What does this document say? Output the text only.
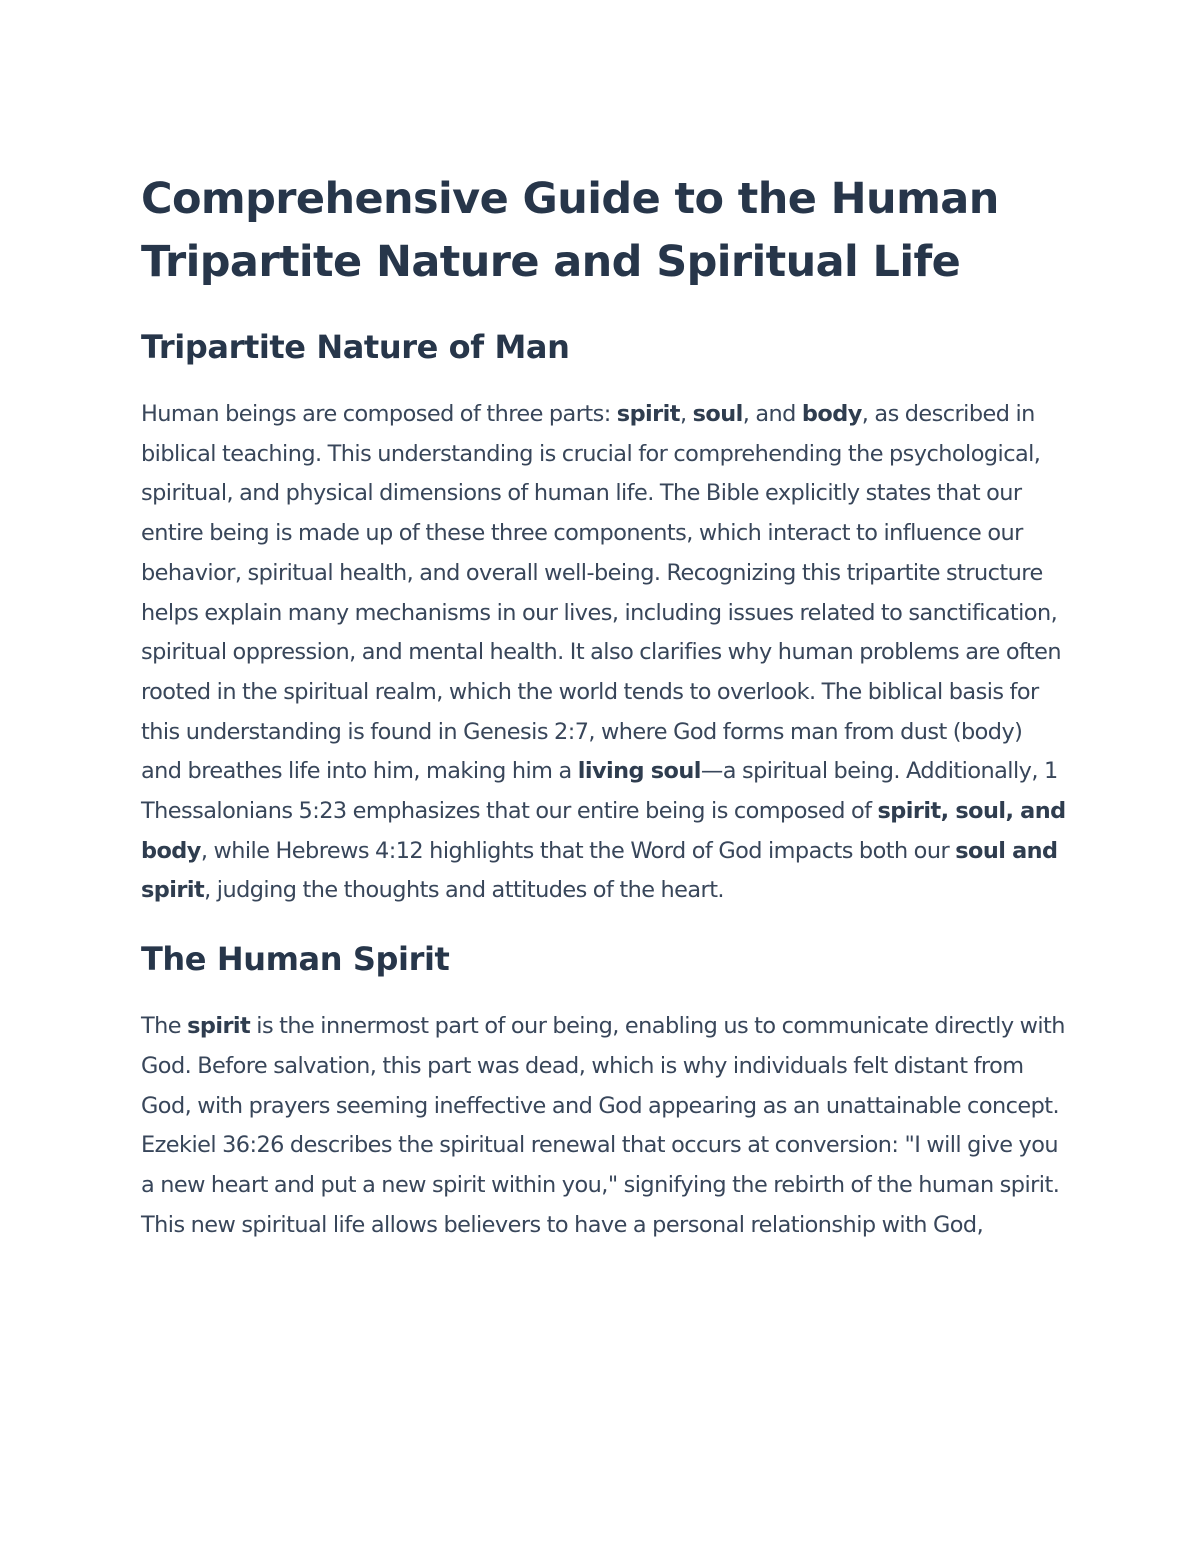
Comprehensive Guide to the Human Tripartite Nature and Spiritual Life
Tripartite Nature of Man

Human beings are composed of three parts: spirit, soul, and body, as described in biblical teaching. This understanding is crucial for comprehending the psychological, spiritual, and physical dimensions of human life. The Bible explicitly states that our entire being is made up of these three components, which interact to influence our behavior, spiritual health, and overall well-being. Recognizing this tripartite structure helps explain many mechanisms in our lives, including issues related to sanctification, spiritual oppression, and mental health. It also clarifies why human problems are often rooted in the spiritual realm, which the world tends to overlook. The biblical basis for this understanding is found in Genesis 2:7, where God forms man from dust (body) and breathes life into him, making him a living soul—a spiritual being. Additionally, 1 Thessalonians 5:23 emphasizes that our entire being is composed of spirit, soul, and body, while Hebrews 4:12 highlights that the Word of God impacts both our soul and spirit, judging the thoughts and attitudes of the heart.

The Human Spirit

The spirit is the innermost part of our being, enabling us to communicate directly with God. Before salvation, this part was dead, which is why individuals felt distant from God, with prayers seeming ineffective and God appearing as an unattainable concept. Ezekiel 36:26 describes the spiritual renewal that occurs at conversion: "I will give you a new heart and put a new spirit within you," signifying the rebirth of the human spirit. This new spiritual life allows believers to have a personal relationship with God,
